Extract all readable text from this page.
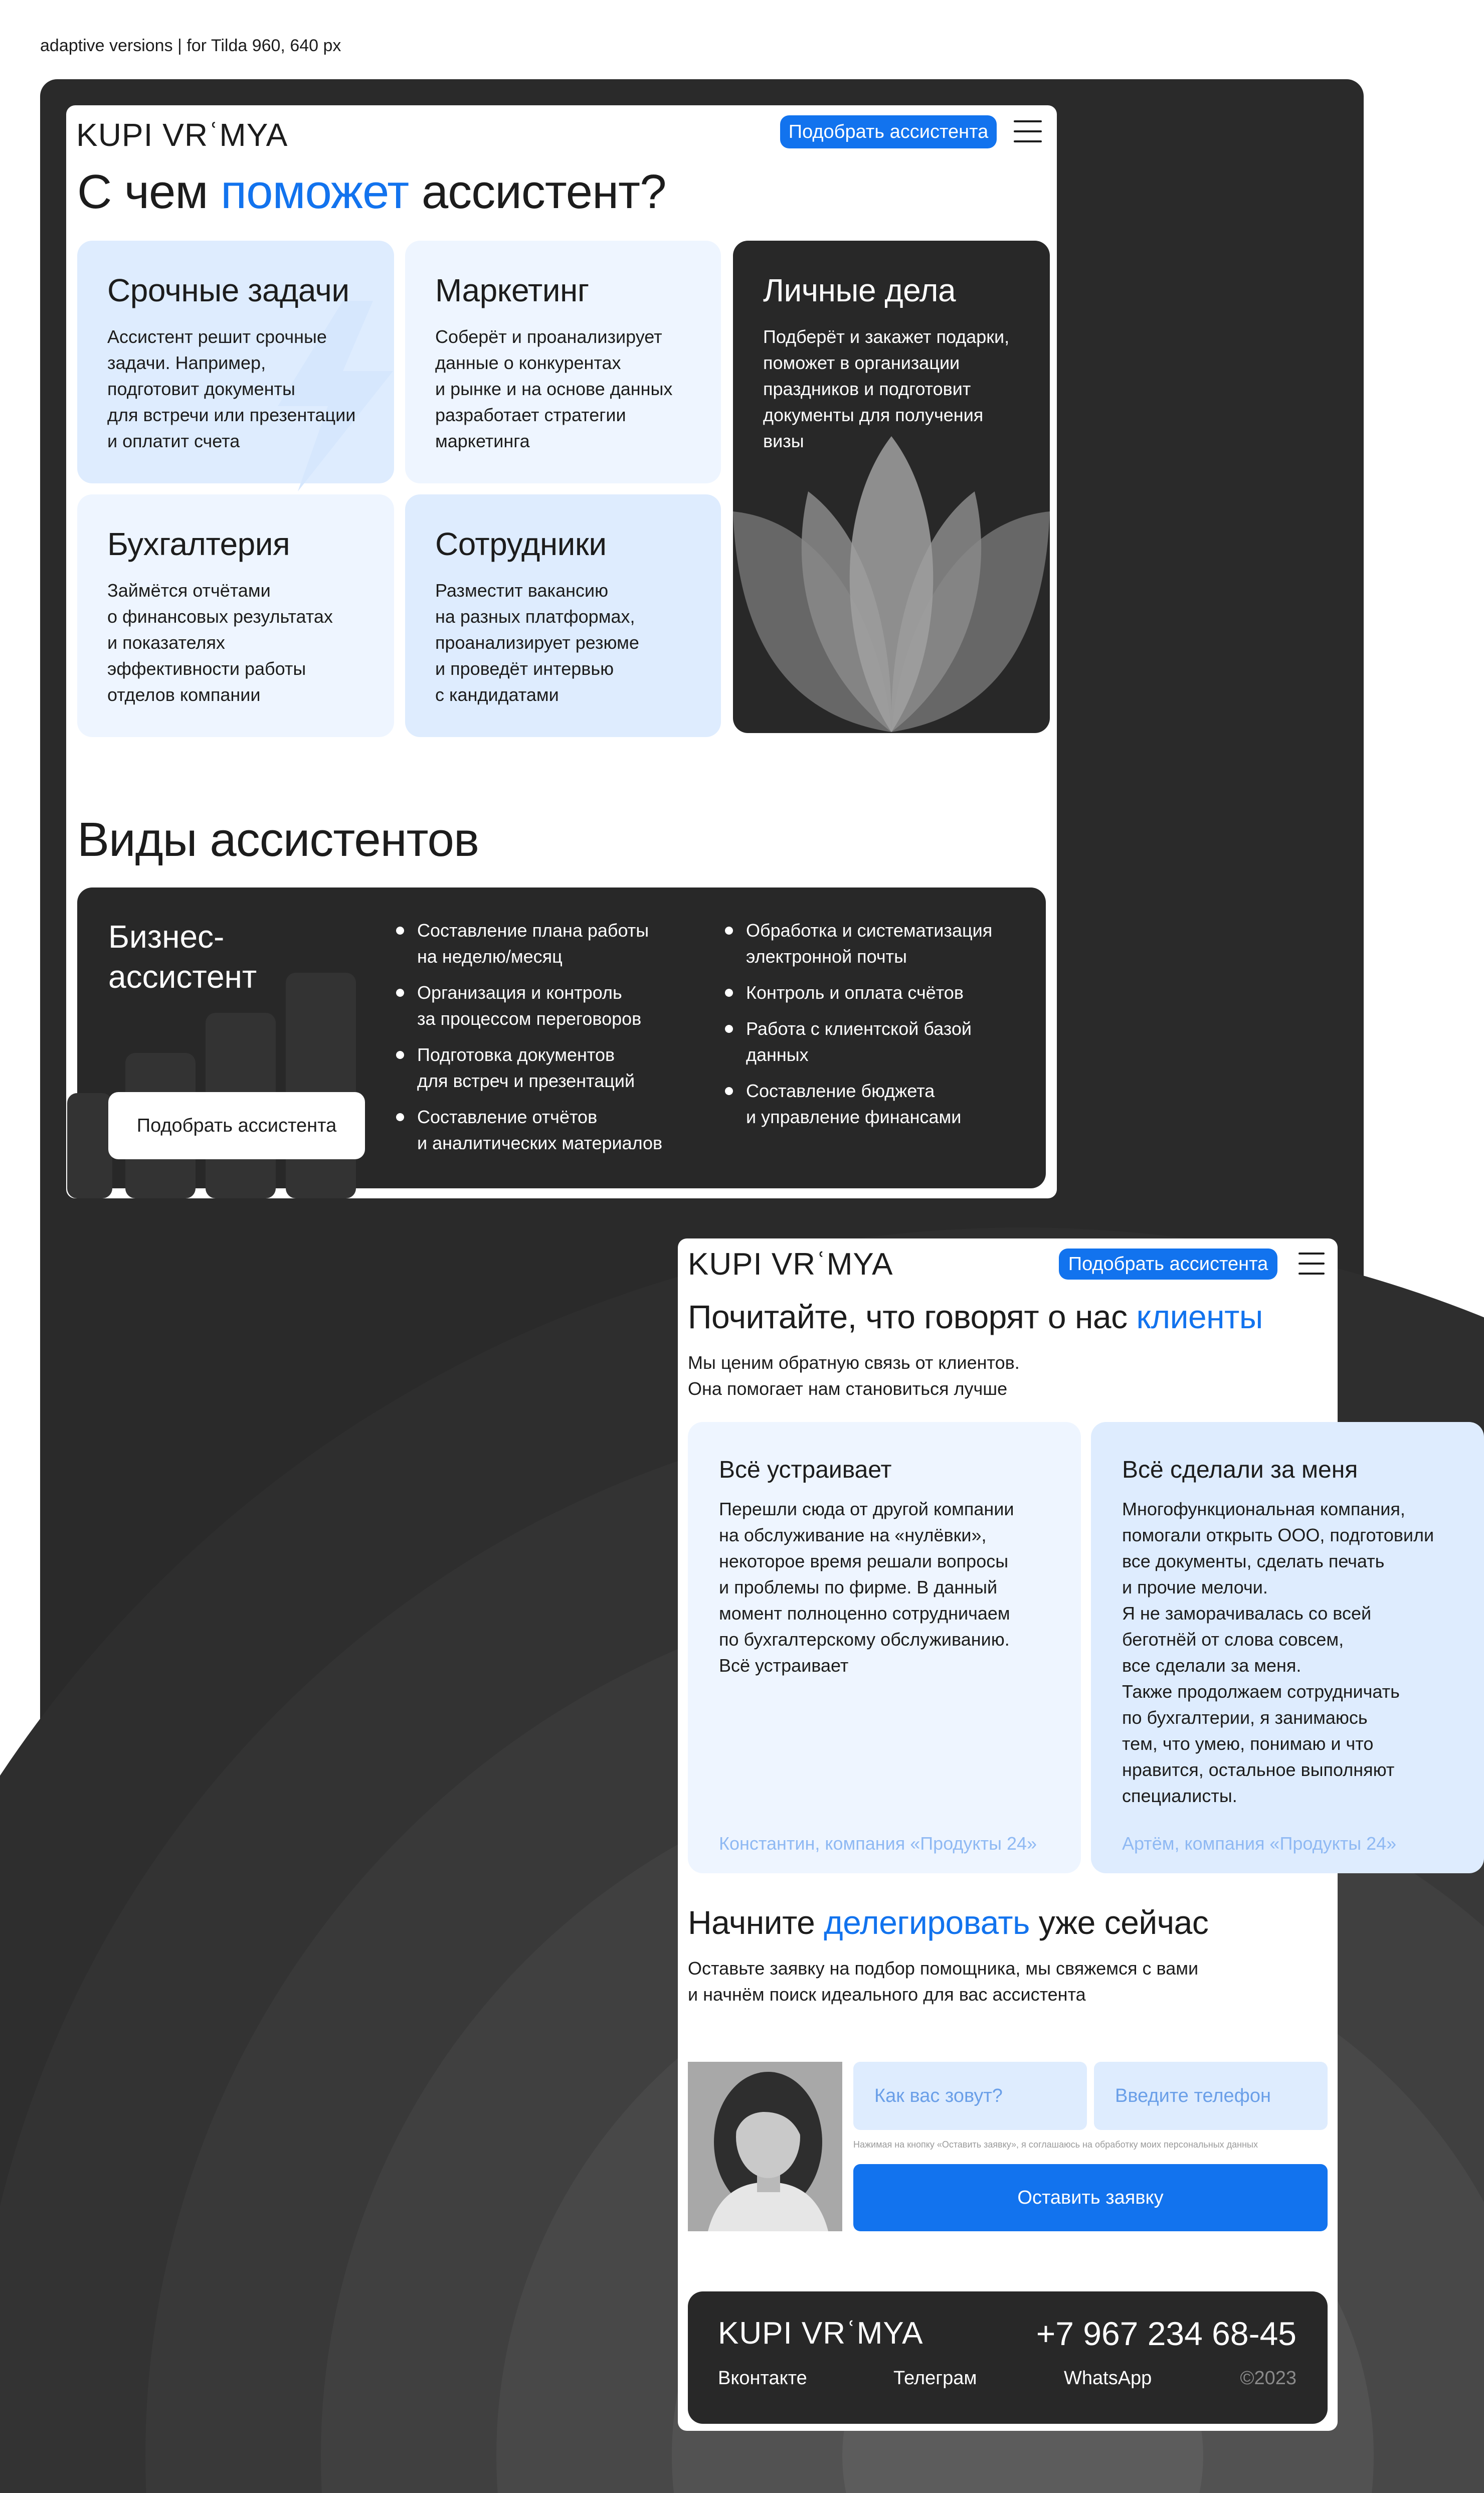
adaptive versions | for Tilda 960, 640 px
KUPI VRʿMYA	Подобрать ассистента
С чем поможет ассистент?
Срочные задачи
Ассистент решит срочные
задачи. Например,
подготовит документы
для встречи или презентации
и оплатит счета
Маркетинг
Соберёт и проанализирует
данные о конкурентах
и рынке и на основе данных
разработает стратегии
маркетинга
Личные дела
Подберёт и закажет подарки,
поможет в организации
праздников и подготовит
документы для получения
визы
Бухгалтерия
Займётся отчётами
о финансовых результатах
и показателях
эффективности работы
отделов компании
Сотрудники
Разместит вакансию
на разных платформах,
проанализирует резюме
и проведёт интервью
с кандидатами
Виды ассистентов
Бизнес-
ассистент
Подобрать ассистента
Составление плана работы
на неделю/месяц
Организация и контроль
за процессом переговоров
Подготовка документов
для встреч и презентаций
Составление отчётов
и аналитических материалов
Обработка и систематизация
электронной почты
Контроль и оплата счётов
Работа с клиентской базой
данных
Составление бюджета
и управление финансами
KUPI VRʿMYA	Подобрать ассистента
Почитайте, что говорят о нас клиенты
Мы ценим обратную связь от клиентов.
Она помогает нам становиться лучше
Всё устраивает
Перешли сюда от другой компании
на обслуживание на «нулёвки»,
некоторое время решали вопросы
и проблемы по фирме. В данный
момент полноценно сотрудничаем
по бухгалтерскому обслуживанию.
Всё устраивает
Константин, компания «Продукты 24»
Всё сделали за меня
Многофункциональная компания,
помогали открыть ООО, подготовили
все документы, сделать печать
и прочие мелочи.
Я не заморачивалась со всей
беготнёй от слова совсем,
все сделали за меня.
Также продолжаем сотрудничать
по бухгалтерии, я занимаюсь
тем, что умею, понимаю и что
нравится, остальное выполняют
специалисты.
Артём, компания «Продукты 24»
Начните делегировать уже сейчас
Оставьте заявку на подбор помощника, мы свяжемся с вами
и начнём поиск идеального для вас ассистента
Как вас зовут?	Введите телефон
Нажимая на кнопку «Оставить заявку», я соглашаюсь на обработку моих персональных данных
Оставить заявку
KUPI VRʿMYA	+7 967 234 68-45
Вконтакте	Телеграм	WhatsApp	©2023
